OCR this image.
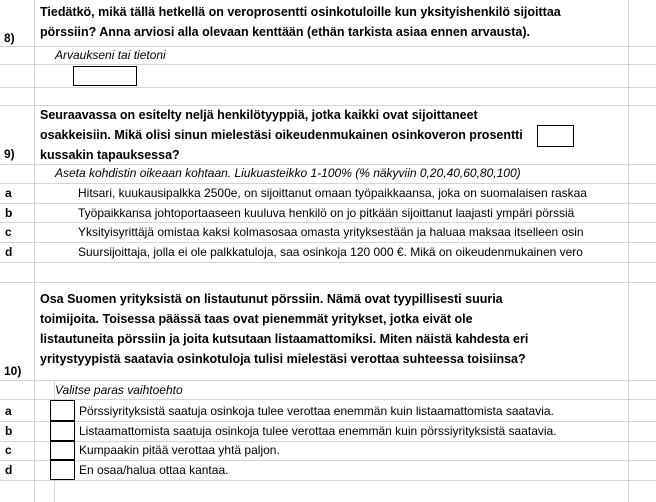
8)
Tiedätkö, mikä tällä hetkellä on veroprosentti osinkotuloille kun yksityishenkilö sijoittaa
pörssiin? Anna arviosi alla olevaan kenttään (ethän tarkista asiaa ennen arvausta).
Arvaukseni tai tietoni
9)
Seuraavassa on esitelty neljä henkilötyyppiä, jotka kaikki ovat sijoittaneet
osakkeisiin. Mikä olisi sinun mielestäsi oikeudenmukainen osinkoveron prosentti
kussakin tapauksessa?
Aseta kohdistin oikeaan kohtaan. Liukuasteikko 1-100% (% näkyviin 0,20,40,60,80,100)
a	Hitsari, kuukausipalkka 2500e, on sijoittanut omaan työpaikkaansa, joka on suomalaisen raskaa
b	Työpaikkansa johtoportaaseen kuuluva henkilö on jo pitkään sijoittanut laajasti ympäri pörssiä
c	Yksityisyrittäjä omistaa kaksi kolmasosaa omasta yrityksestään ja haluaa maksaa itselleen osin
d	Suursijoittaja, jolla ei ole palkkatuloja, saa osinkoja 120 000 €. Mikä on oikeudenmukainen vero
10)
Osa Suomen yrityksistä on listautunut pörssiin. Nämä ovat tyypillisesti suuria
toimijoita. Toisessa päässä taas ovat pienemmät yritykset, jotka eivät ole
listautuneita pörssiin ja joita kutsutaan listaamattomiksi. Miten näistä kahdesta eri
yritystyypistä saatavia osinkotuloja tulisi mielestäsi verottaa suhteessa toisiinsa?
Valitse paras vaihtoehto
a	Pörssiyrityksistä saatuja osinkoja tulee verottaa enemmän kuin listaamattomista saatavia.
b	Listaamattomista saatuja osinkoja tulee verottaa enemmän kuin pörssiyrityksistä saatavia.
c	Kumpaakin pitää verottaa yhtä paljon.
d	En osaa/halua ottaa kantaa.
